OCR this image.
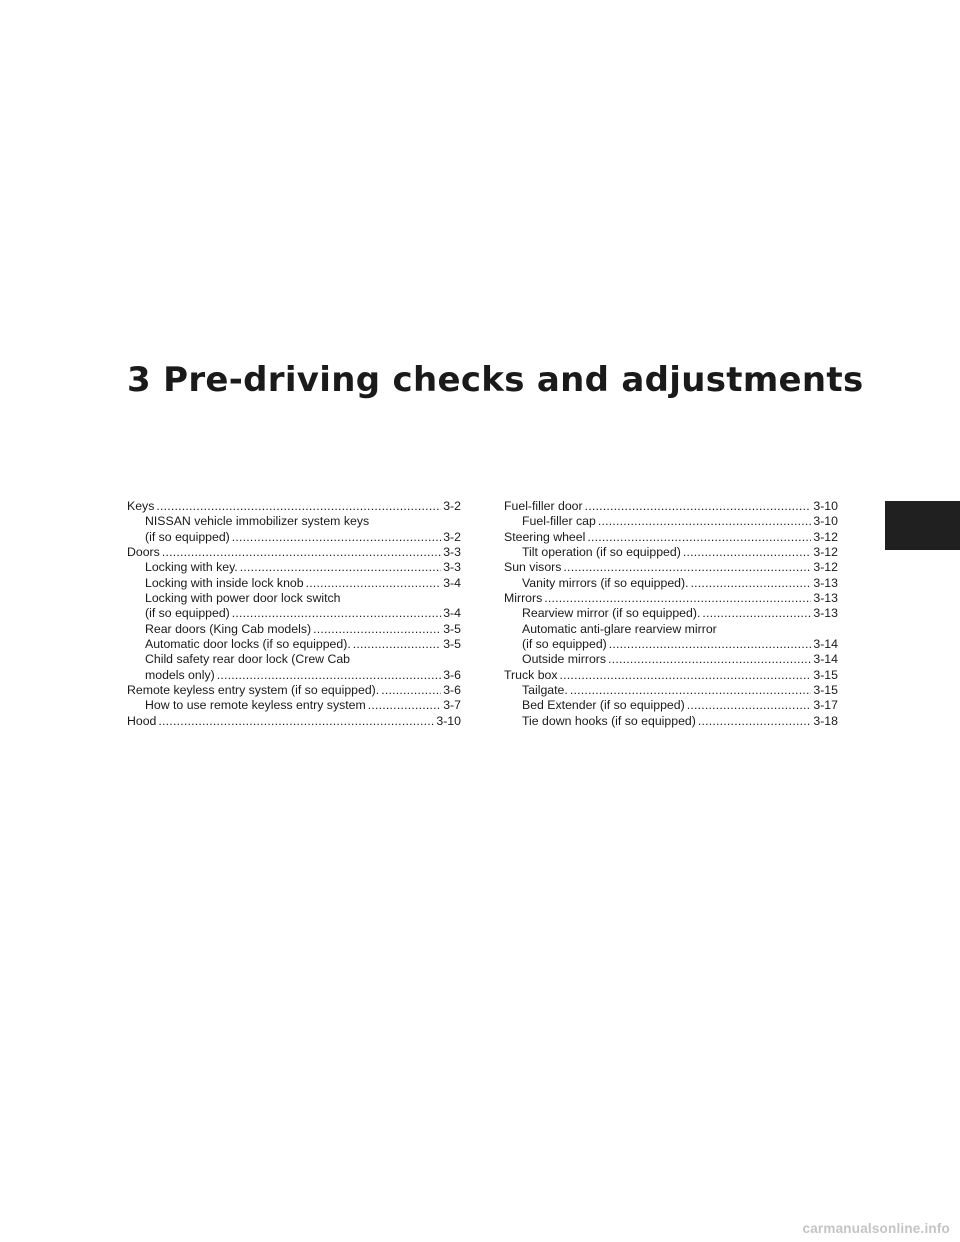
3 Pre-driving checks and adjustments
Keys . . .	3-2
NISSAN vehicle immobilizer system keys
(if so equipped) . . .	3-2
Doors . . .	3-3
Locking with key. . . .	3-3
Locking with inside lock knob . . .	3-4
Locking with power door lock switch
(if so equipped) . . .	3-4
Rear doors (King Cab models) . . .	3-5
Automatic door locks (if so equipped). . . .	3-5
Child safety rear door lock (Crew Cab
models only) . . .	3-6
Remote keyless entry system (if so equipped). . . .	3-6
How to use remote keyless entry system . . .	3-7
Hood . . .	3-10
Fuel-filler door . . .	3-10
Fuel-filler cap . . .	3-10
Steering wheel . . .	3-12
Tilt operation (if so equipped) . . .	3-12
Sun visors . . .	3-12
Vanity mirrors (if so equipped). . . .	3-13
Mirrors . . .	3-13
Rearview mirror (if so equipped). . . .	3-13
Automatic anti-glare rearview mirror
(if so equipped) . . .	3-14
Outside mirrors . . .	3-14
Truck box . . .	3-15
Tailgate. . . .	3-15
Bed Extender (if so equipped) . . .	3-17
Tie down hooks (if so equipped) . . .	3-18
carmanualsonline.info
